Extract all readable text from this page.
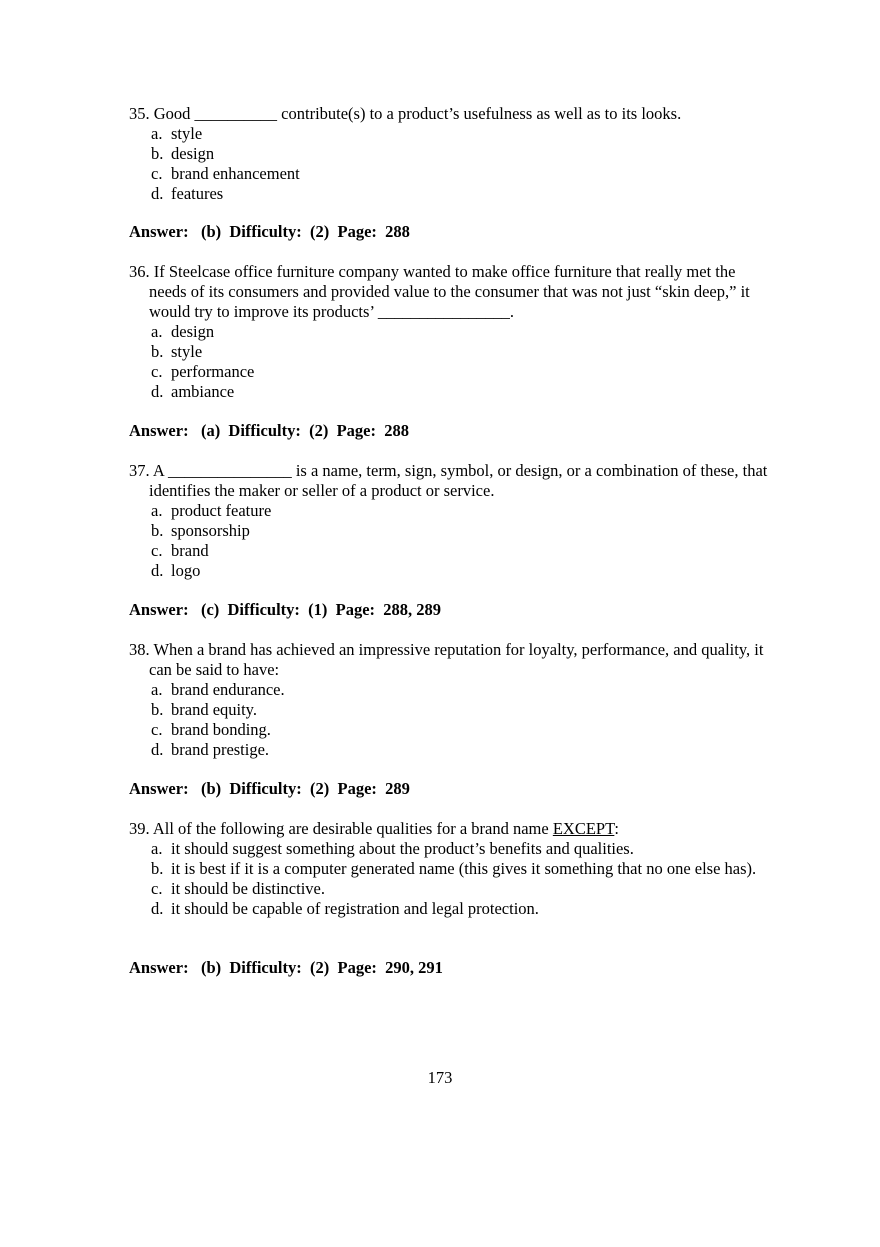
35. Good __________ contribute(s) to a product’s usefulness as well as to its looks.
a. style
b. design
c. brand enhancement
d. features
Answer:   (b)  Difficulty:  (2)  Page:  288
36. If Steelcase office furniture company wanted to make office furniture that really met the needs of its consumers and provided value to the consumer that was not just “skin deep,” it would try to improve its products’ ________________.
a. design
b. style
c. performance
d. ambiance
Answer:   (a)  Difficulty:  (2)  Page:  288
37. A _______________ is a name, term, sign, symbol, or design, or a combination of these, that identifies the maker or seller of a product or service.
a. product feature
b. sponsorship
c. brand
d. logo
Answer:   (c)  Difficulty:  (1)  Page:  288, 289
38. When a brand has achieved an impressive reputation for loyalty, performance, and quality, it can be said to have:
a. brand endurance.
b. brand equity.
c. brand bonding.
d. brand prestige.
Answer:   (b)  Difficulty:  (2)  Page:  289
39. All of the following are desirable qualities for a brand name EXCEPT:
a. it should suggest something about the product’s benefits and qualities.
b. it is best if it is a computer generated name (this gives it something that no one else has).
c. it should be distinctive.
d. it should be capable of registration and legal protection.
Answer:   (b)  Difficulty:  (2)  Page:  290, 291
173
